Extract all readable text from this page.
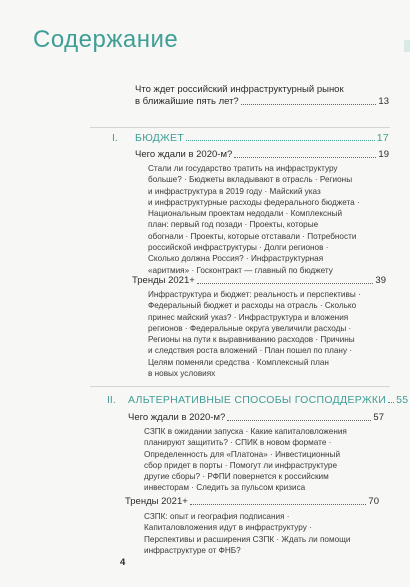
Содержание
Что ждет российский инфраструктурный рынок
в ближайшие пять лет?	13
I. БЮДЖЕТ	17
Чего ждали в 2020-м?	19
Стали ли государство тратить на инфраструктуру
больше? · Бюджеты вкладывают в отрасль · Регионы
и инфраструктура в 2019 году · Майский указ
и инфраструктурные расходы федерального бюджета ·
Национальным проектам недодали · Комплексный
план: первый год позади · Проекты, которые
обогнали · Проекты, которые отставали · Потребности
российской инфраструктуры · Долги регионов ·
Сколько должна Россия? · Инфраструктурная
«аритмия» · Госконтракт — главный по бюджету
Тренды 2021+	39
Инфраструктура и бюджет: реальность и перспективы ·
Федеральный бюджет и расходы на отрасль · Сколько
принес майский указ? · Инфраструктура и вложения
регионов · Федеральные округа увеличили расходы ·
Регионы на пути к выравниванию расходов · Причины
и следствия роста вложений · План пошел по плану ·
Целям поменяли средства · Комплексный план
в новых условиях
II. АЛЬТЕРНАТИВНЫЕ СПОСОБЫ ГОСПОДДЕРЖКИ 55
Чего ждали в 2020-м?	57
СЗПК в ожидании запуска · Какие капиталовложения
планируют защитить? · СПИК в новом формате ·
Определенность для «Платона» · Инвестиционный
сбор придет в порты · Помогут ли инфраструктуре
другие сборы? · РФПИ повернется к российским
инвесторам · Следить за пульсом кризиса
Тренды 2021+	70
СЗПК: опыт и география подписания ·
Капиталовложения идут в инфраструктуру ·
Перспективы и расширения СЗПК · Ждать ли помощи
инфраструктуре от ФНБ?
4
